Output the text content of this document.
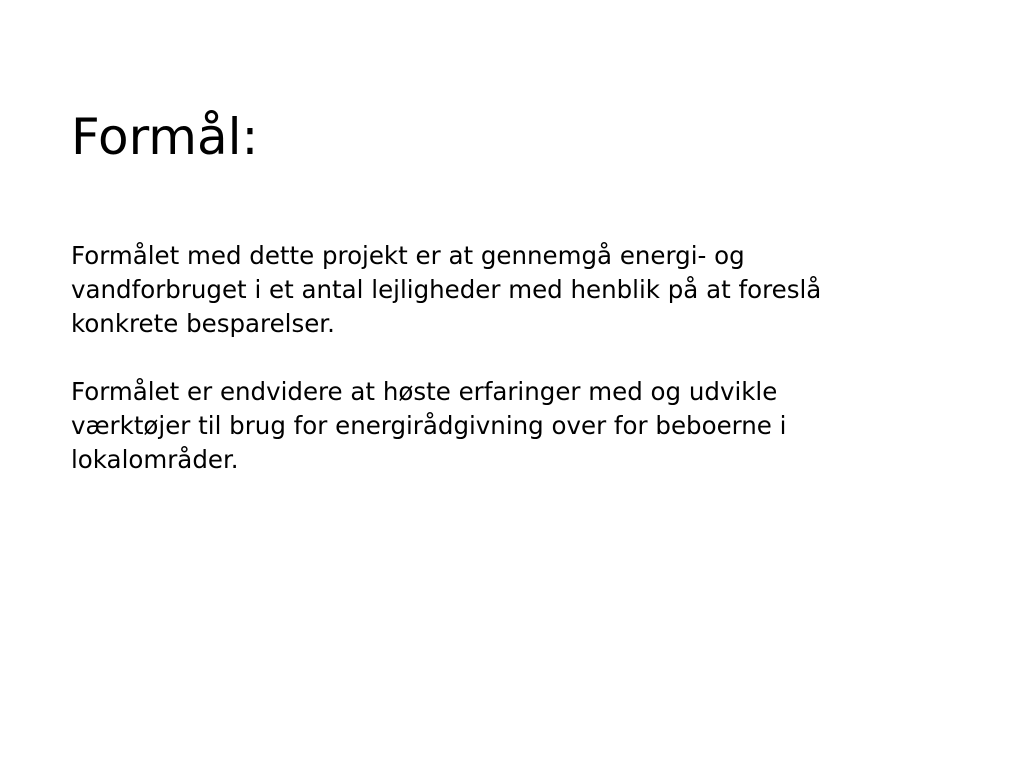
Formål:

Formålet med dette projekt er at gennemgå energi- og
vandforbruget i et antal lejligheder med henblik på at foreslå
konkrete besparelser.

Formålet er endvidere at høste erfaringer med og udvikle
værktøjer til brug for energirådgivning over for beboerne i
lokalområder.
